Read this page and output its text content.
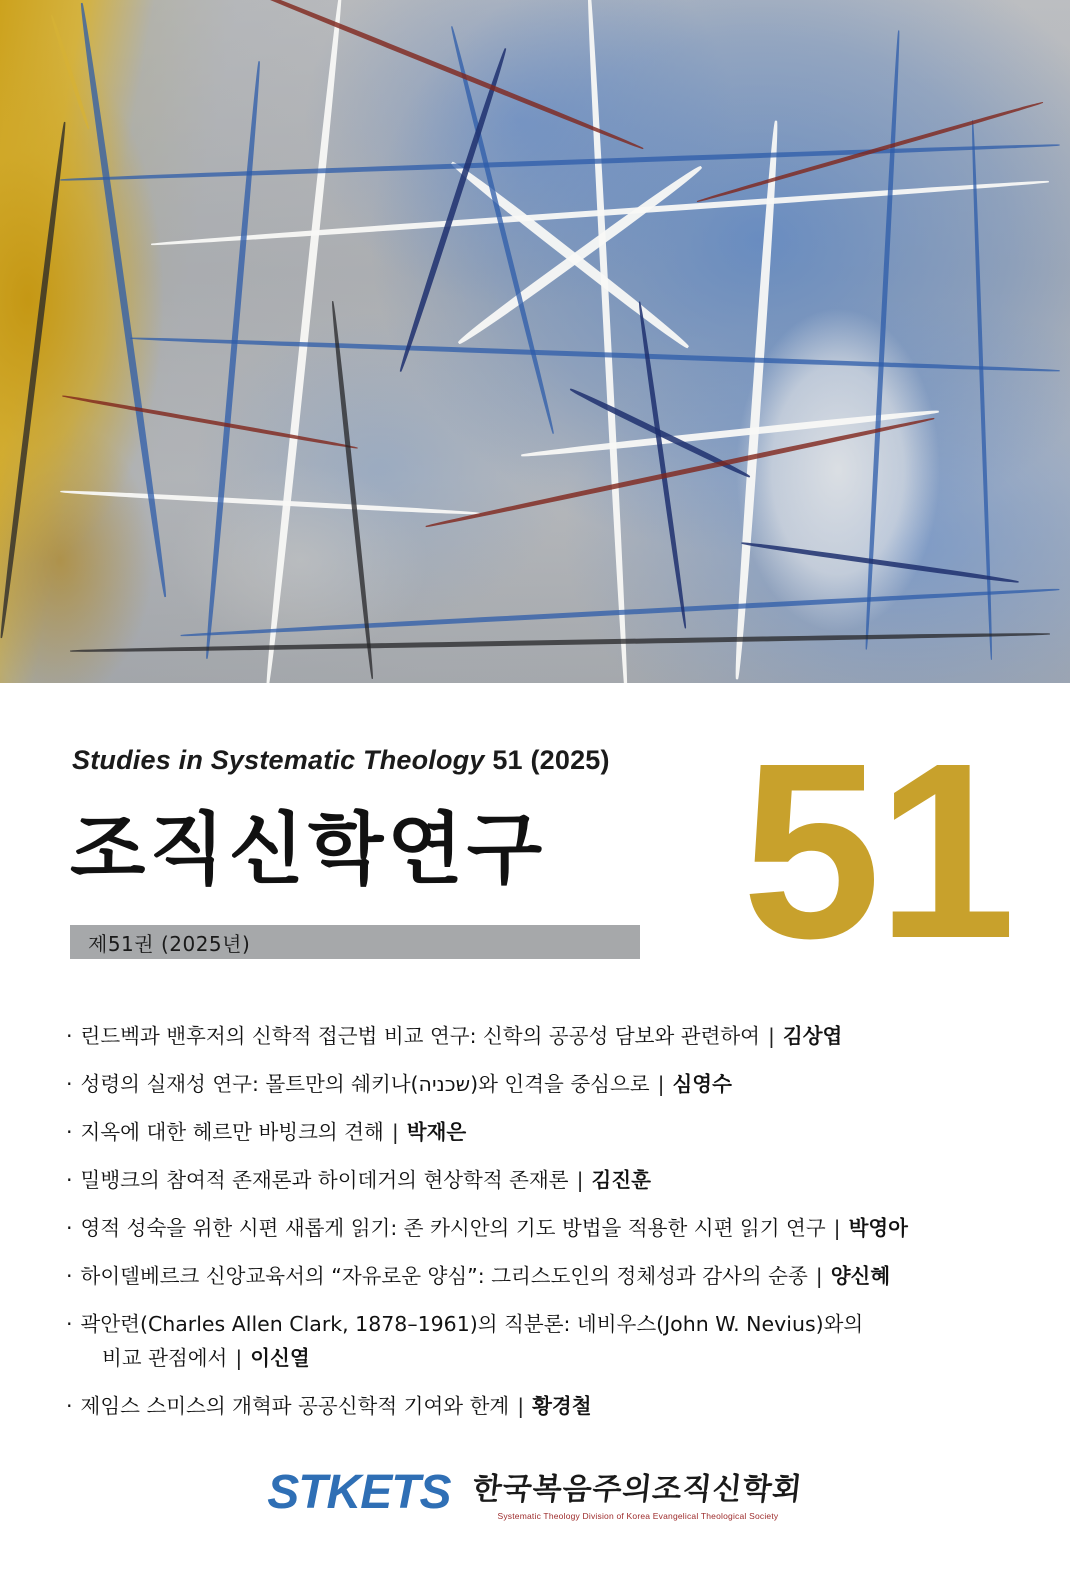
Studies in Systematic Theology 51 (2025)
조직신학연구 51
제51권 (2025년)
· 린드벡과 밴후저의 신학적 접근법 비교 연구: 신학의 공공성 담보와 관련하여 | 김상엽
· 성령의 실재성 연구: 몰트만의 쉐키나(שכניה)와 인격을 중심으로 | 심영수
· 지옥에 대한 헤르만 바빙크의 견해 | 박재은
· 밀뱅크의 참여적 존재론과 하이데거의 현상학적 존재론 | 김진훈
· 영적 성숙을 위한 시편 새롭게 읽기: 존 카시안의 기도 방법을 적용한 시편 읽기 연구 | 박영아
· 하이델베르크 신앙교육서의 “자유로운 양심”: 그리스도인의 정체성과 감사의 순종 | 양신혜
· 곽안련(Charles Allen Clark, 1878–1961)의 직분론: 네비우스(John W. Nevius)와의
비교 관점에서 | 이신열
· 제임스 스미스의 개혁파 공공신학적 기여와 한계 | 황경철
STKETS 한국복음주의조직신학회
Systematic Theology Division of Korea Evangelical Theological Society
